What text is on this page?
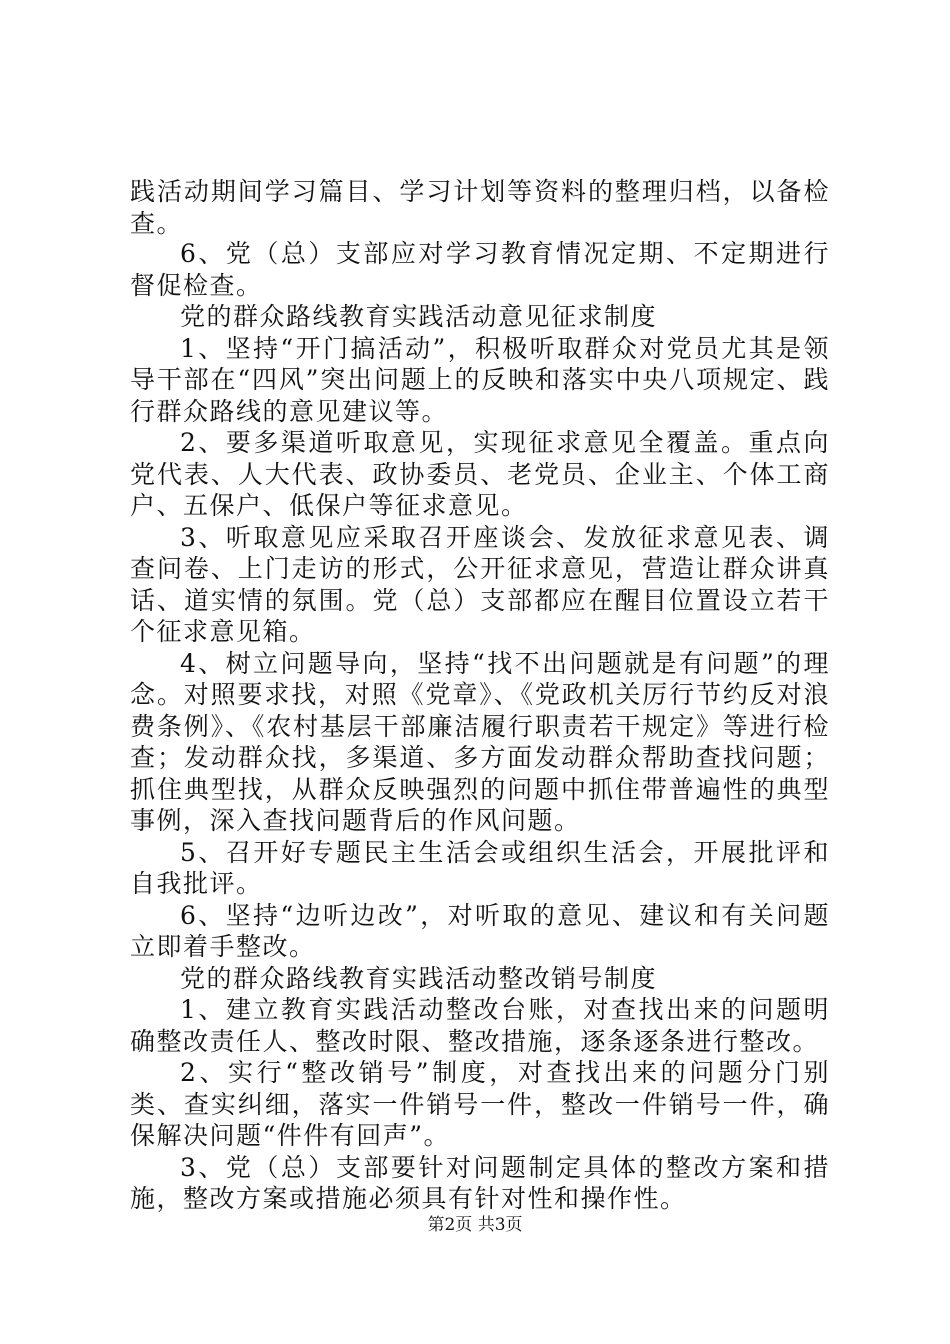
践活动期间学习篇目、学习计划等资料的整理归档，以备检查。

6、党（总）支部应对学习教育情况定期、不定期进行督促检查。

党的群众路线教育实践活动意见征求制度

1、坚持“开门搞活动”，积极听取群众对党员尤其是领导干部在“四风”突出问题上的反映和落实中央八项规定、践行群众路线的意见建议等。

2、要多渠道听取意见，实现征求意见全覆盖。重点向党代表、人大代表、政协委员、老党员、企业主、个体工商户、五保户、低保户等征求意见。

3、听取意见应采取召开座谈会、发放征求意见表、调查问卷、上门走访的形式，公开征求意见，营造让群众讲真话、道实情的氛围。党（总）支部都应在醒目位置设立若干个征求意见箱。

4、树立问题导向，坚持“找不出问题就是有问题”的理念。对照要求找，对照《党章》、《党政机关厉行节约反对浪费条例》、《农村基层干部廉洁履行职责若干规定》等进行检查；发动群众找，多渠道、多方面发动群众帮助查找问题；抓住典型找，从群众反映强烈的问题中抓住带普遍性的典型事例，深入查找问题背后的作风问题。

5、召开好专题民主生活会或组织生活会，开展批评和自我批评。

6、坚持“边听边改”，对听取的意见、建议和有关问题立即着手整改。

党的群众路线教育实践活动整改销号制度

1、建立教育实践活动整改台账，对查找出来的问题明确整改责任人、整改时限、整改措施，逐条逐条进行整改。

2、实行“整改销号”制度，对查找出来的问题分门别类、查实纠细，落实一件销号一件，整改一件销号一件，确保解决问题“件件有回声”。

3、党（总）支部要针对问题制定具体的整改方案和措施，整改方案或措施必须具有针对性和操作性。

第2页 共3页
